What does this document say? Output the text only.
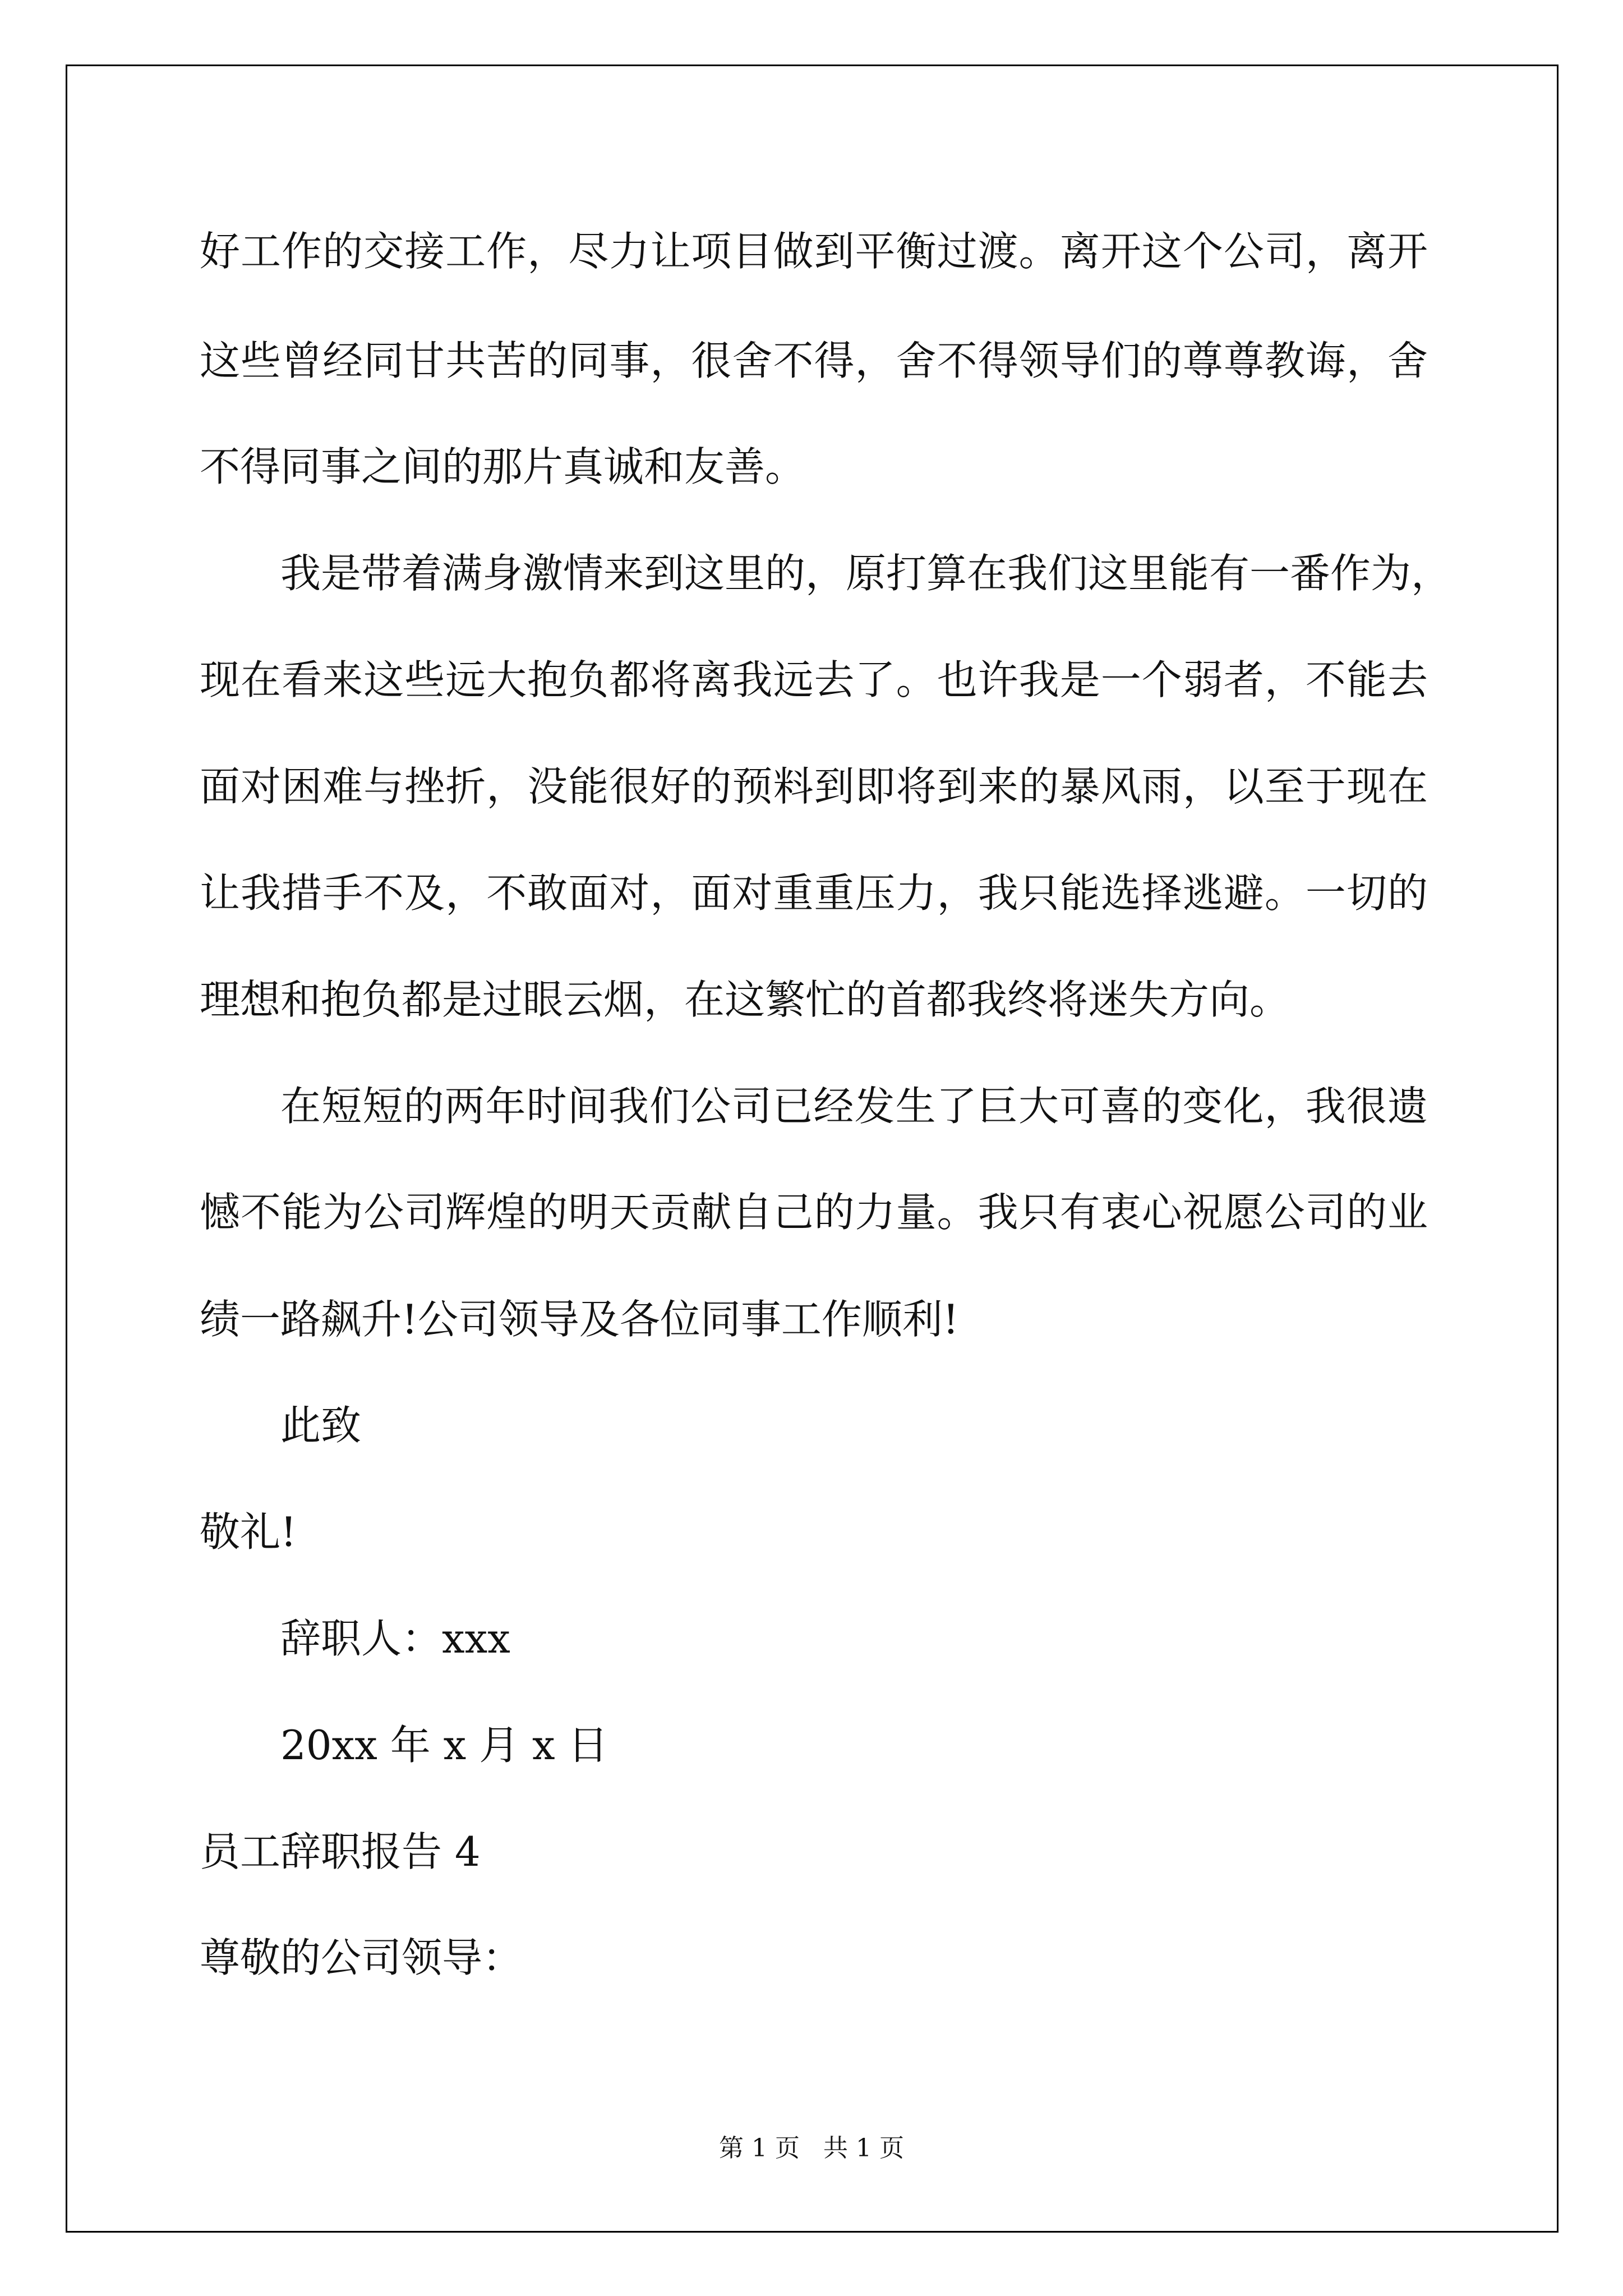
好工作的交接工作，尽力让项目做到平衡过渡。离开这个公司，离开
这些曾经同甘共苦的同事，很舍不得，舍不得领导们的尊尊教诲，舍
不得同事之间的那片真诚和友善。
我是带着满身激情来到这里的，原打算在我们这里能有一番作为，
现在看来这些远大抱负都将离我远去了。也许我是一个弱者，不能去
面对困难与挫折，没能很好的预料到即将到来的暴风雨，以至于现在
让我措手不及，不敢面对，面对重重压力，我只能选择逃避。一切的
理想和抱负都是过眼云烟，在这繁忙的首都我终将迷失方向。
在短短的两年时间我们公司已经发生了巨大可喜的变化，我很遗
憾不能为公司辉煌的明天贡献自己的力量。我只有衷心祝愿公司的业
绩一路飙升!公司领导及各位同事工作顺利!
此致
敬礼!
辞职人：xxx
20xx 年 x 月 x 日
员工辞职报告 4
尊敬的公司领导：
第 1 页   共 1 页
